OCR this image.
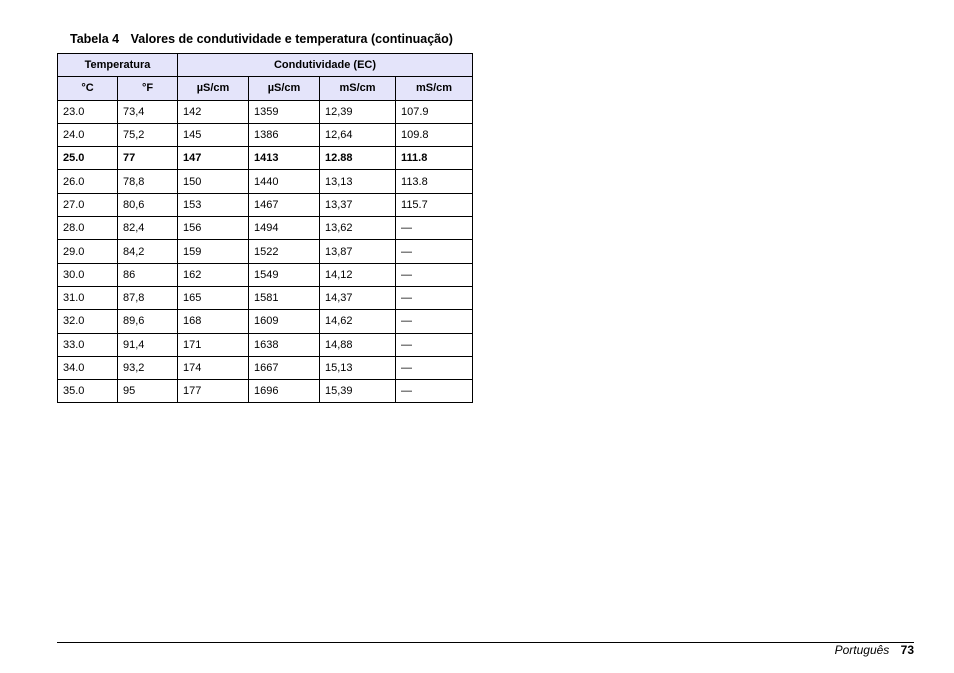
Tabela 4 Valores de condutividade e temperatura (continuação)
Temperatura		Condutividade (EC)			
°C	°F	µS/cm	µS/cm	mS/cm	mS/cm
23.0	73,4	142	1359	12,39	107.9
24.0	75,2	145	1386	12,64	109.8
25.0	77	147	1413	12.88	111.8
26.0	78,8	150	1440	13,13	113.8
27.0	80,6	153	1467	13,37	115.7
28.0	82,4	156	1494	13,62	—
29.0	84,2	159	1522	13,87	—
30.0	86	162	1549	14,12	—
31.0	87,8	165	1581	14,37	—
32.0	89,6	168	1609	14,62	—
33.0	91,4	171	1638	14,88	—
34.0	93,2	174	1667	15,13	—
35.0	95	177	1696	15,39	—
Português 73
